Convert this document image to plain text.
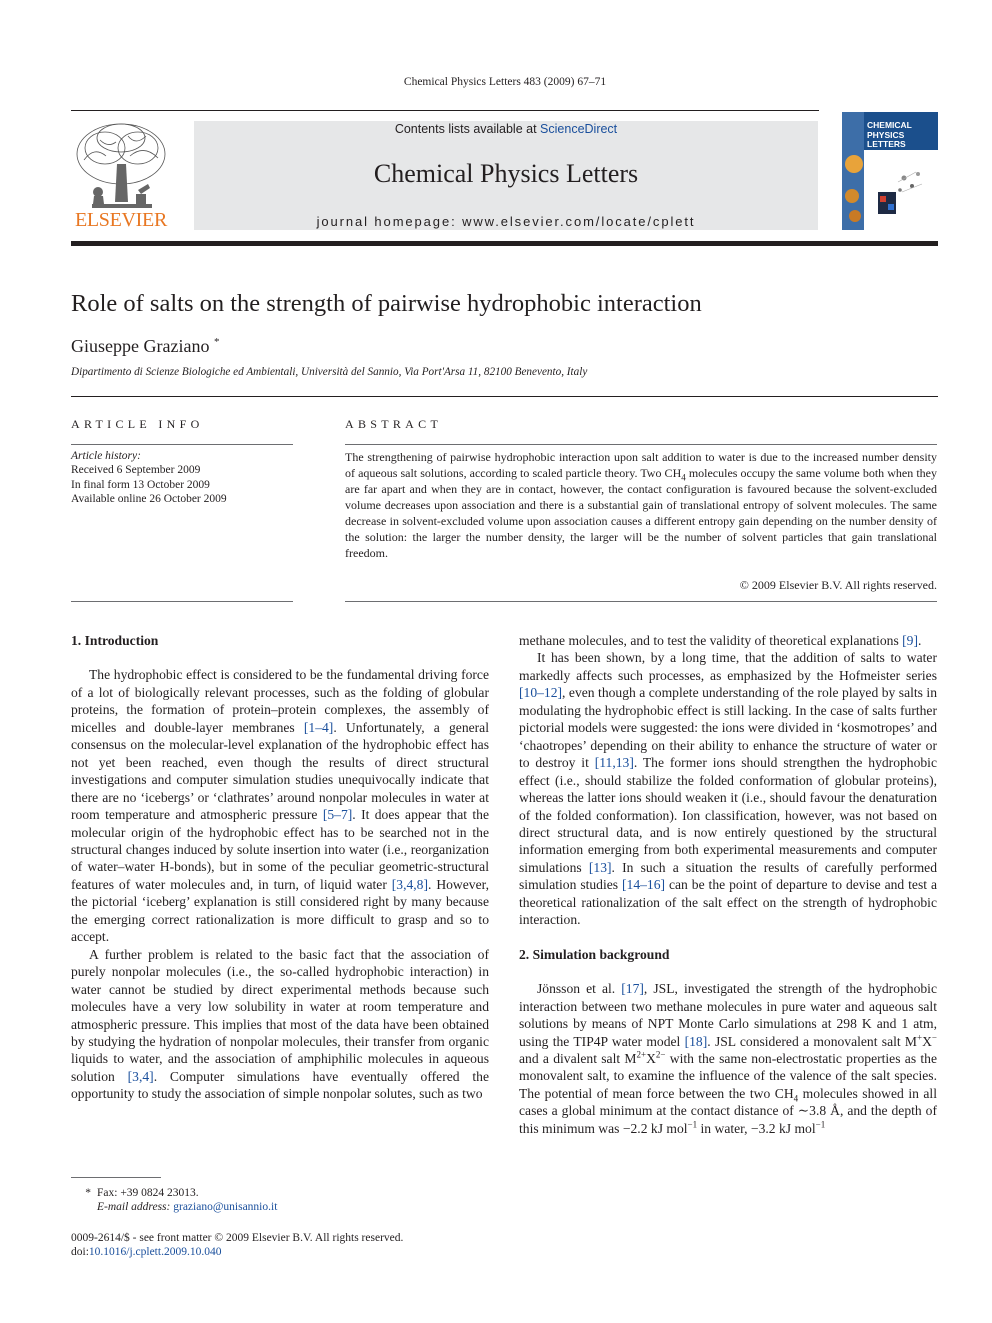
Chemical Physics Letters 483 (2009) 67–71
ELSEVIER
Contents lists available at ScienceDirect
Chemical Physics Letters
journal homepage: www.elsevier.com/locate/cplett
CHEMICAL
PHYSICS
LETTERS
Role of salts on the strength of pairwise hydrophobic interaction
Giuseppe Graziano *
Dipartimento di Scienze Biologiche ed Ambientali, Università del Sannio, Via Port'Arsa 11, 82100 Benevento, Italy
ARTICLE INFO
Article history:
Received 6 September 2009
In final form 13 October 2009
Available online 26 October 2009
ABSTRACT
The strengthening of pairwise hydrophobic interaction upon salt addition to water is due to the increased number density of aqueous salt solutions, according to scaled particle theory. Two $CH_4$ molecules occupy the same volume both when they are far apart and when they are in contact, however, the contact configuration is favoured because the solvent-excluded volume decreases upon association and there is a substantial gain of translational entropy of solvent molecules. The same decrease in solvent-excluded volume upon association causes a different entropy gain depending on the number density of the solution: the larger the number density, the larger will be the number of solvent particles that gain translational freedom.
© 2009 Elsevier B.V. All rights reserved.
1. Introduction

The hydrophobic effect is considered to be the fundamental driving force of a lot of biologically relevant processes, such as the folding of globular proteins, the formation of protein–protein complexes, the assembly of micelles and double-layer membranes [1–4]. Unfortunately, a general consensus on the molecular-level explanation of the hydrophobic effect has not yet been reached, even though the results of direct structural investigations and computer simulation studies unequivocally indicate that there are no ‘icebergs’ or ‘clathrates’ around nonpolar molecules in water at room temperature and atmospheric pressure [5–7]. It does appear that the molecular origin of the hydrophobic effect has to be searched not in the structural changes induced by solute insertion into water (i.e., reorganization of water–water H-bonds), but in some of the peculiar geometric-structural features of water molecules and, in turn, of liquid water [3,4,8]. However, the pictorial ‘iceberg’ explanation is still considered right by many because the emerging correct rationalization is more difficult to grasp and so to accept.

A further problem is related to the basic fact that the association of purely nonpolar molecules (i.e., the so-called hydrophobic interaction) in water cannot be studied by direct experimental methods because such molecules have a very low solubility in water at room temperature and atmospheric pressure. This implies that most of the data have been obtained by studying the hydration of nonpolar molecules, their transfer from organic liquids to water, and the association of amphiphilic molecules in aqueous solution [3,4]. Computer simulations have eventually offered the opportunity to study the association of simple nonpolar solutes, such as two

methane molecules, and to test the validity of theoretical explanations [9].

It has been shown, by a long time, that the addition of salts to water markedly affects such processes, as emphasized by the Hofmeister series [10–12], even though a complete understanding of the role played by salts in modulating the hydrophobic effect is still lacking. In the case of salts further pictorial models were suggested: the ions were divided in ‘kosmotropes’ and ‘chaotropes’ depending on their ability to enhance the structure of water or to destroy it [11,13]. The former ions should strengthen the hydrophobic effect (i.e., should stabilize the folded conformation of globular proteins), whereas the latter ions should weaken it (i.e., should favour the denaturation of the folded conformation). Ion classification, however, was not based on direct structural data, and is now entirely questioned by the structural information emerging from both experimental measurements and computer simulations [13]. In such a situation the results of carefully performed simulation studies [14–16] can be the point of departure to devise and test a theoretical rationalization of the salt effect on the strength of hydrophobic interaction.

2. Simulation background

Jönsson et al. [17], JSL, investigated the strength of the hydrophobic interaction between two methane molecules in pure water and aqueous salt solutions by means of NPT Monte Carlo simulations at 298 K and 1 atm, using the TIP4P water model [18]. JSL considered a monovalent salt M+X− and a divalent salt $M^{2+}X^{2-}$ with the same non-electrostatic properties as the monovalent salt, to examine the influence of the valence of the salt species. The potential of mean force between the two $CH_4$ molecules showed in all cases a global minimum at the contact distance of ∼3.8 Å, and the depth of this minimum was −2.2 kJ mol$^{-1}$ in water, −3.2 kJ mol$^{-1}$

* Fax: +39 0824 23013.
E-mail address: graziano@unisannio.it
0009-2614/$ - see front matter © 2009 Elsevier B.V. All rights reserved.
doi:10.1016/j.cplett.2009.10.040
